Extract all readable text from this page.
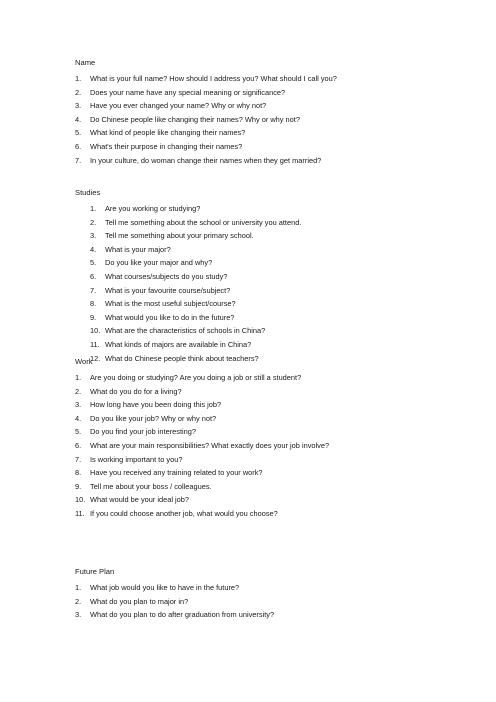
Name
1. What is your full name? How should I address you? What should I call you?
2. Does your name have any special meaning or significance?
3. Have you ever changed your name? Why or why not?
4. Do Chinese people like changing their names? Why or why not?
5. What kind of people like changing their names?
6. What's their purpose in changing their names?
7. In your culture, do woman change their names when they get married?
Studies
1. Are you working or studying?
2. Tell me something about the school or university you attend.
3. Tell me something about your primary school.
4. What is your major?
5. Do you like your major and why?
6. What courses/subjects do you study?
7. What is your favourite course/subject?
8. What is the most useful subject/course?
9. What would you like to do in the future?
10. What are the characteristics of schools in China?
11. What kinds of majors are available in China?
12. What do Chinese people think about teachers?
Work
1. Are you doing or studying? Are you doing a job or still a student?
2. What do you do for a living?
3. How long have you been doing this job?
4. Do you like your job? Why or why not?
5. Do you find your job interesting?
6. What are your main responsibilities? What exactly does your job involve?
7. Is working important to you?
8. Have you received any training related to your work?
9. Tell me about your boss / colleagues.
10. What would be your ideal job?
11. If you could choose another job, what would you choose?
Future Plan
1. What job would you like to have in the future?
2. What do you plan to major in?
3. What do you plan to do after graduation from university?
